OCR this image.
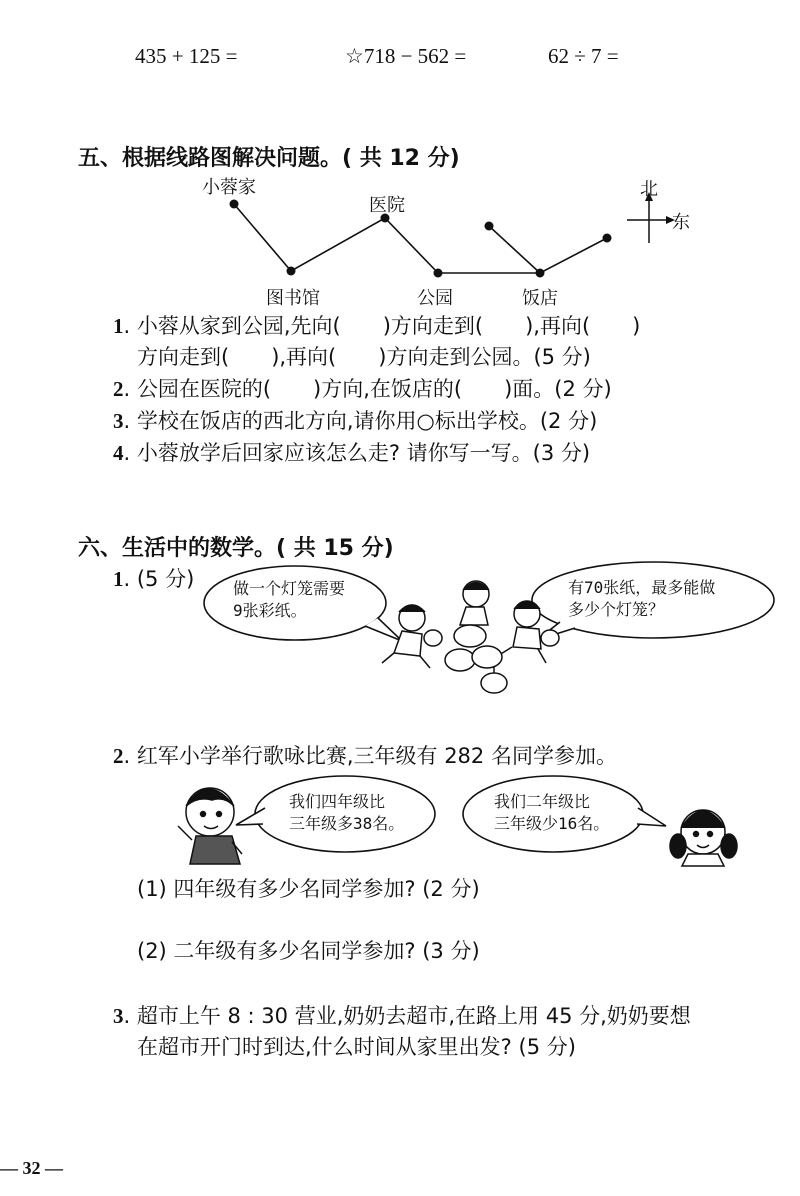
435 + 125 =	☆718 − 562 =	62 ÷ 7 =
五、根据线路图解决问题。( 共 12 分)
小蓉家
医院
图书馆	公园	饭店
北
东
1. 小蓉从家到公园,先向(　　)方向走到(　　),再向(　　)
方向走到(　　),再向(　　)方向走到公园。(5 分)
2. 公园在医院的(　　)方向,在饭店的(　　)面。(2 分)
3. 学校在饭店的西北方向,请你用○标出学校。(2 分)
4. 小蓉放学后回家应该怎么走? 请你写一写。(3 分)
六、生活中的数学。( 共 15 分)
1. (5 分) 做一个灯笼需要
9张彩纸。
有70张纸，最多能做
多少个灯笼？
2. 红军小学举行歌咏比赛,三年级有 282 名同学参加。
我们四年级比
三年级多38名。
我们二年级比
三年级少16名。
(1) 四年级有多少名同学参加? (2 分)
(2) 二年级有多少名同学参加? (3 分)
3. 超市上午 8 : 30 营业,奶奶去超市,在路上用 45 分,奶奶要想
在超市开门时到达,什么时间从家里出发? (5 分)
— 32 —
